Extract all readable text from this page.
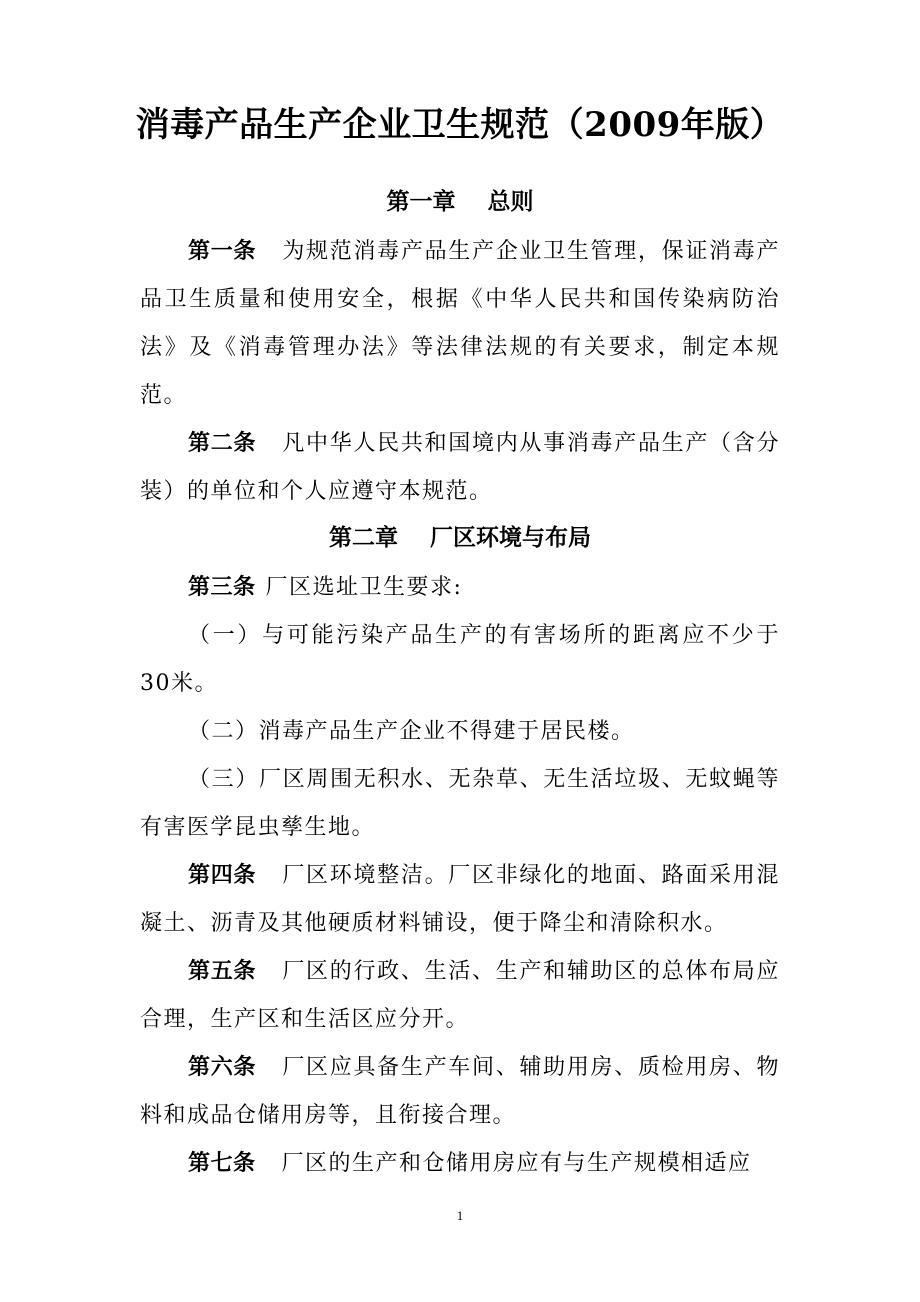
消毒产品生产企业卫生规范（2009年版）
第一章    总则
第一条 为规范消毒产品生产企业卫生管理，保证消毒产品卫生质量和使用安全，根据《中华人民共和国传染病防治法》及《消毒管理办法》等法律法规的有关要求，制定本规范。
第二条 凡中华人民共和国境内从事消毒产品生产（含分装）的单位和个人应遵守本规范。
第二章    厂区环境与布局
第三条 厂区选址卫生要求:
（一）与可能污染产品生产的有害场所的距离应不少于30米。
（二）消毒产品生产企业不得建于居民楼。
（三）厂区周围无积水、无杂草、无生活垃圾、无蚊蝇等有害医学昆虫孳生地。
第四条 厂区环境整洁。厂区非绿化的地面、路面采用混凝土、沥青及其他硬质材料铺设，便于降尘和清除积水。
第五条 厂区的行政、生活、生产和辅助区的总体布局应合理，生产区和生活区应分开。
第六条 厂区应具备生产车间、辅助用房、质检用房、物料和成品仓储用房等，且衔接合理。
第七条 厂区的生产和仓储用房应有与生产规模相适应
1
